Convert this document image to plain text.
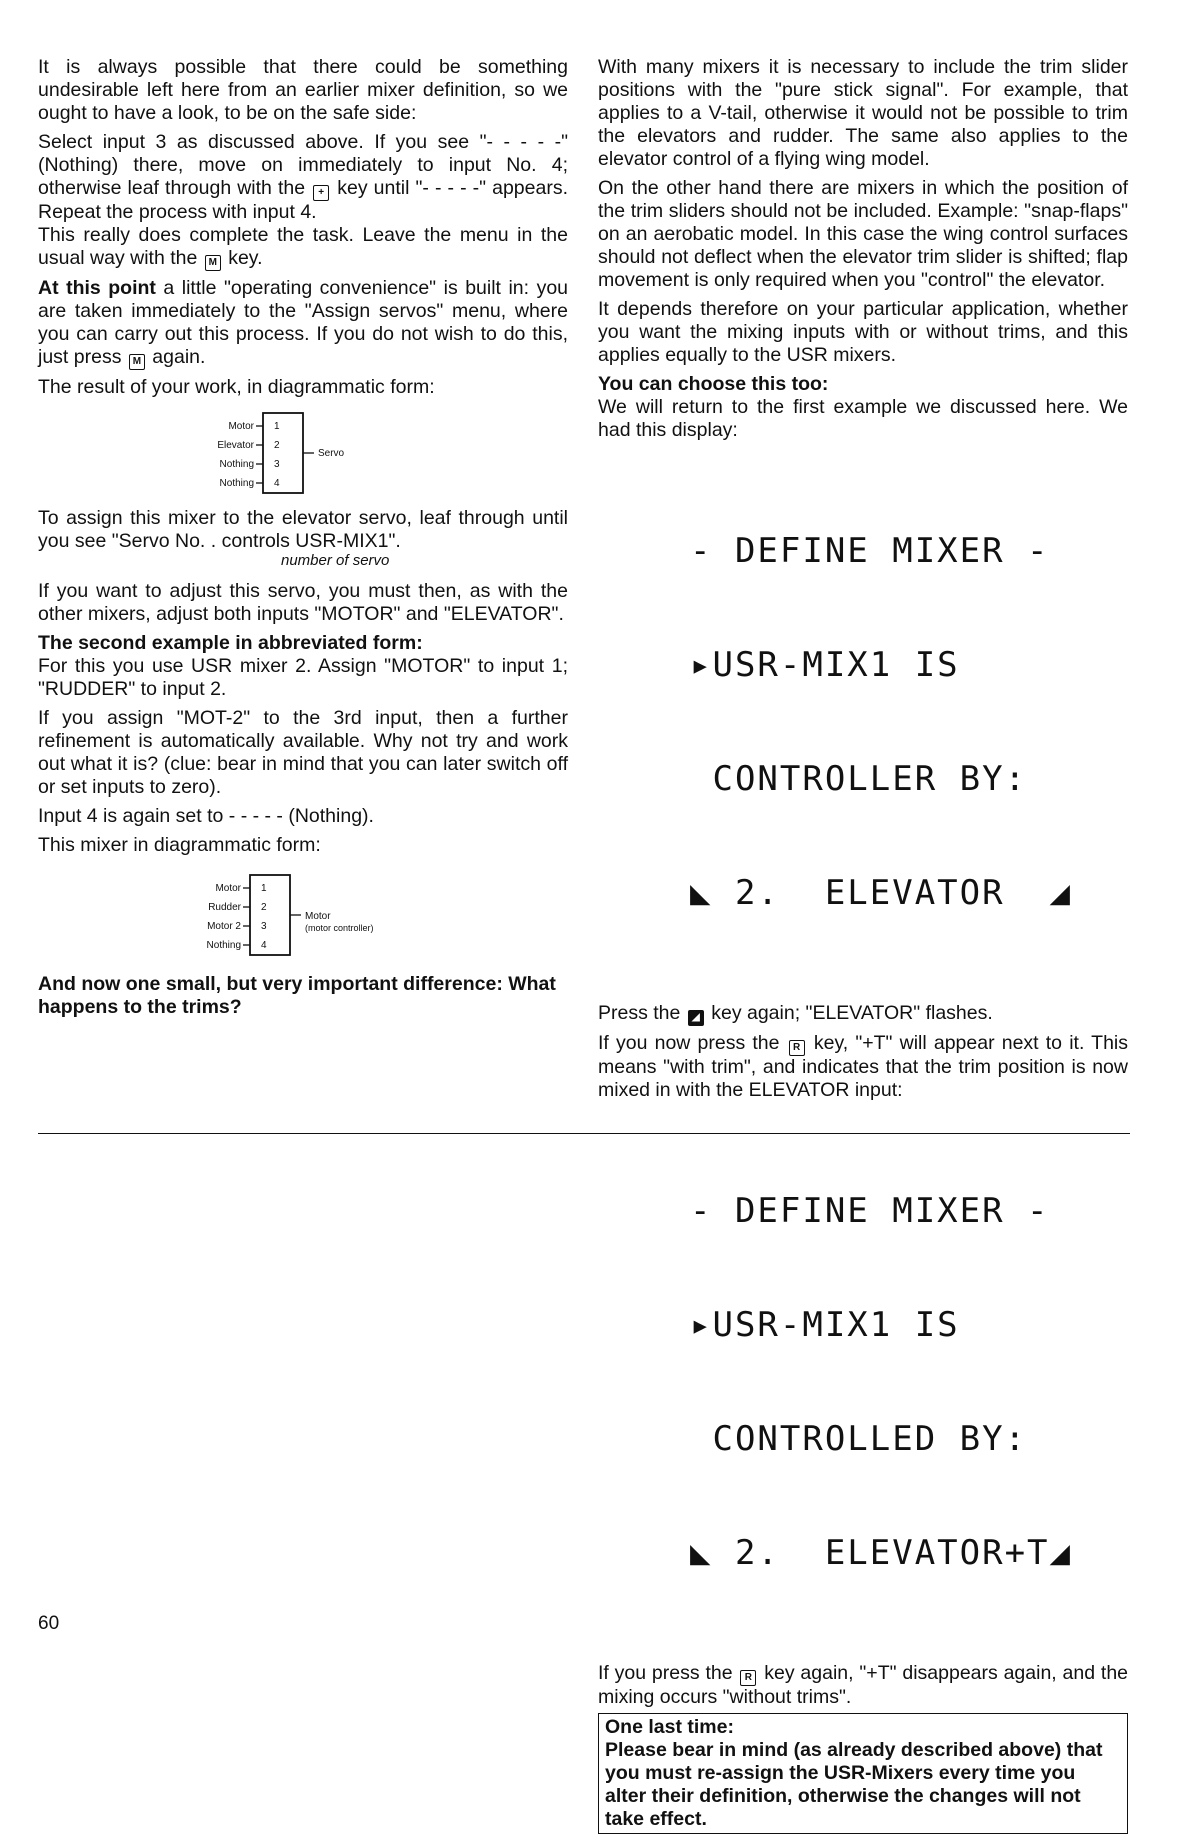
It is always possible that there could be something undesirable left here from an earlier mixer definition, so we ought to have a look, to be on the safe side:

Select input 3 as discussed above. If you see "- - - - -" (Nothing) there, move on immediately to input No. 4; otherwise leaf through with the + key until "- - - - -" appears. Repeat the process with input 4.

This really does complete the task. Leave the menu in the usual way with the M key.

At this point a little "operating convenience" is built in: you are taken immediately to the "Assign servos" menu, where you can carry out this process. If you do not wish to do this, just press M again.

The result of your work, in diagrammatic form:

Motor
Elevator
Nothing
Nothing
1
2
3
4
Servo

To assign this mixer to the elevator servo, leaf through until you see "Servo No. . controls USR-MIX1".

number of servo

If you want to adjust this servo, you must then, as with the other mixers, adjust both inputs "MOTOR" and "ELEVATOR".

The second example in abbreviated form:

For this you use USR mixer 2. Assign "MOTOR" to input 1; "RUDDER" to input 2.

If you assign "MOT-2" to the 3rd input, then a further refinement is automatically available. Why not try and work out what it is? (clue: bear in mind that you can later switch off or set inputs to zero).

Input 4 is again set to - - - - - (Nothing).

This mixer in diagrammatic form:

Motor
Rudder
Motor 2
Nothing
1
2
3
4
Motor
(motor controller)

And now one small, but very important difference: What happens to the trims?

With many mixers it is necessary to include the trim slider positions with the "pure stick signal". For example, that applies to a V-tail, otherwise it would not be possible to trim the elevators and rudder. The same also applies to the elevator control of a flying wing model.

On the other hand there are mixers in which the position of the trim sliders should not be included. Example: "snap-flaps" on an aerobatic model. In this case the wing control surfaces should not deflect when the elevator trim slider is shifted; flap movement is only required when you "control" the elevator.

It depends therefore on your particular application, whether you want the mixing inputs with or without trims, and this applies equally to the USR mixers.

You can choose this too:

We will return to the first example we discussed here. We had this display:

- DEFINE MIXER -

▸USR-MIX1 IS

CONTROLLER BY:

◣ 2.  ELEVATOR  ◢

Press the ◢ key again; "ELEVATOR" flashes.

If you now press the R key, "+T" will appear next to it. This means "with trim", and indicates that the trim position is now mixed in with the ELEVATOR input:

- DEFINE MIXER -

▸USR-MIX1 IS

CONTROLLED BY:

◣ 2.  ELEVATOR+T◢

If you press the R key again, "+T" disappears again, and the mixing occurs "without trims".

One last time:
Please bear in mind (as already described above) that you must re-assign the USR-Mixers every time you alter their definition, otherwise the changes will not take effect.
60
